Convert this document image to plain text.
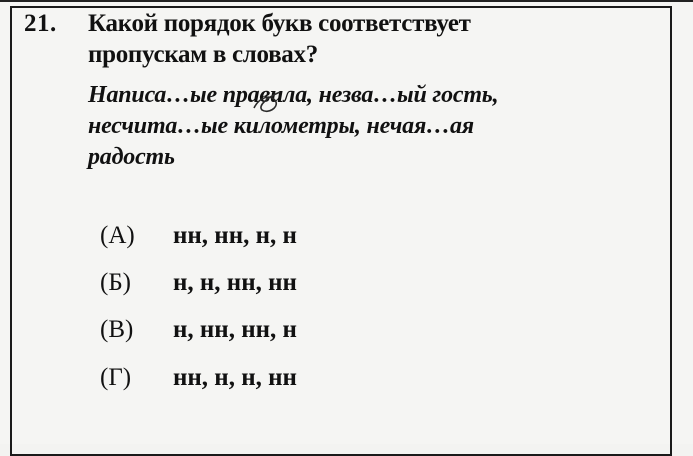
21. Какой порядок букв соответствует
пропускам в словах?
Написа…ые правила, незва…ый гость,
несчита…ые километры, нечая…ая
радость
(А) нн, нн, н, н
(Б) н, н, нн, нн
(В) н, нн, нн, н
(Г) нн, н, н, нн
